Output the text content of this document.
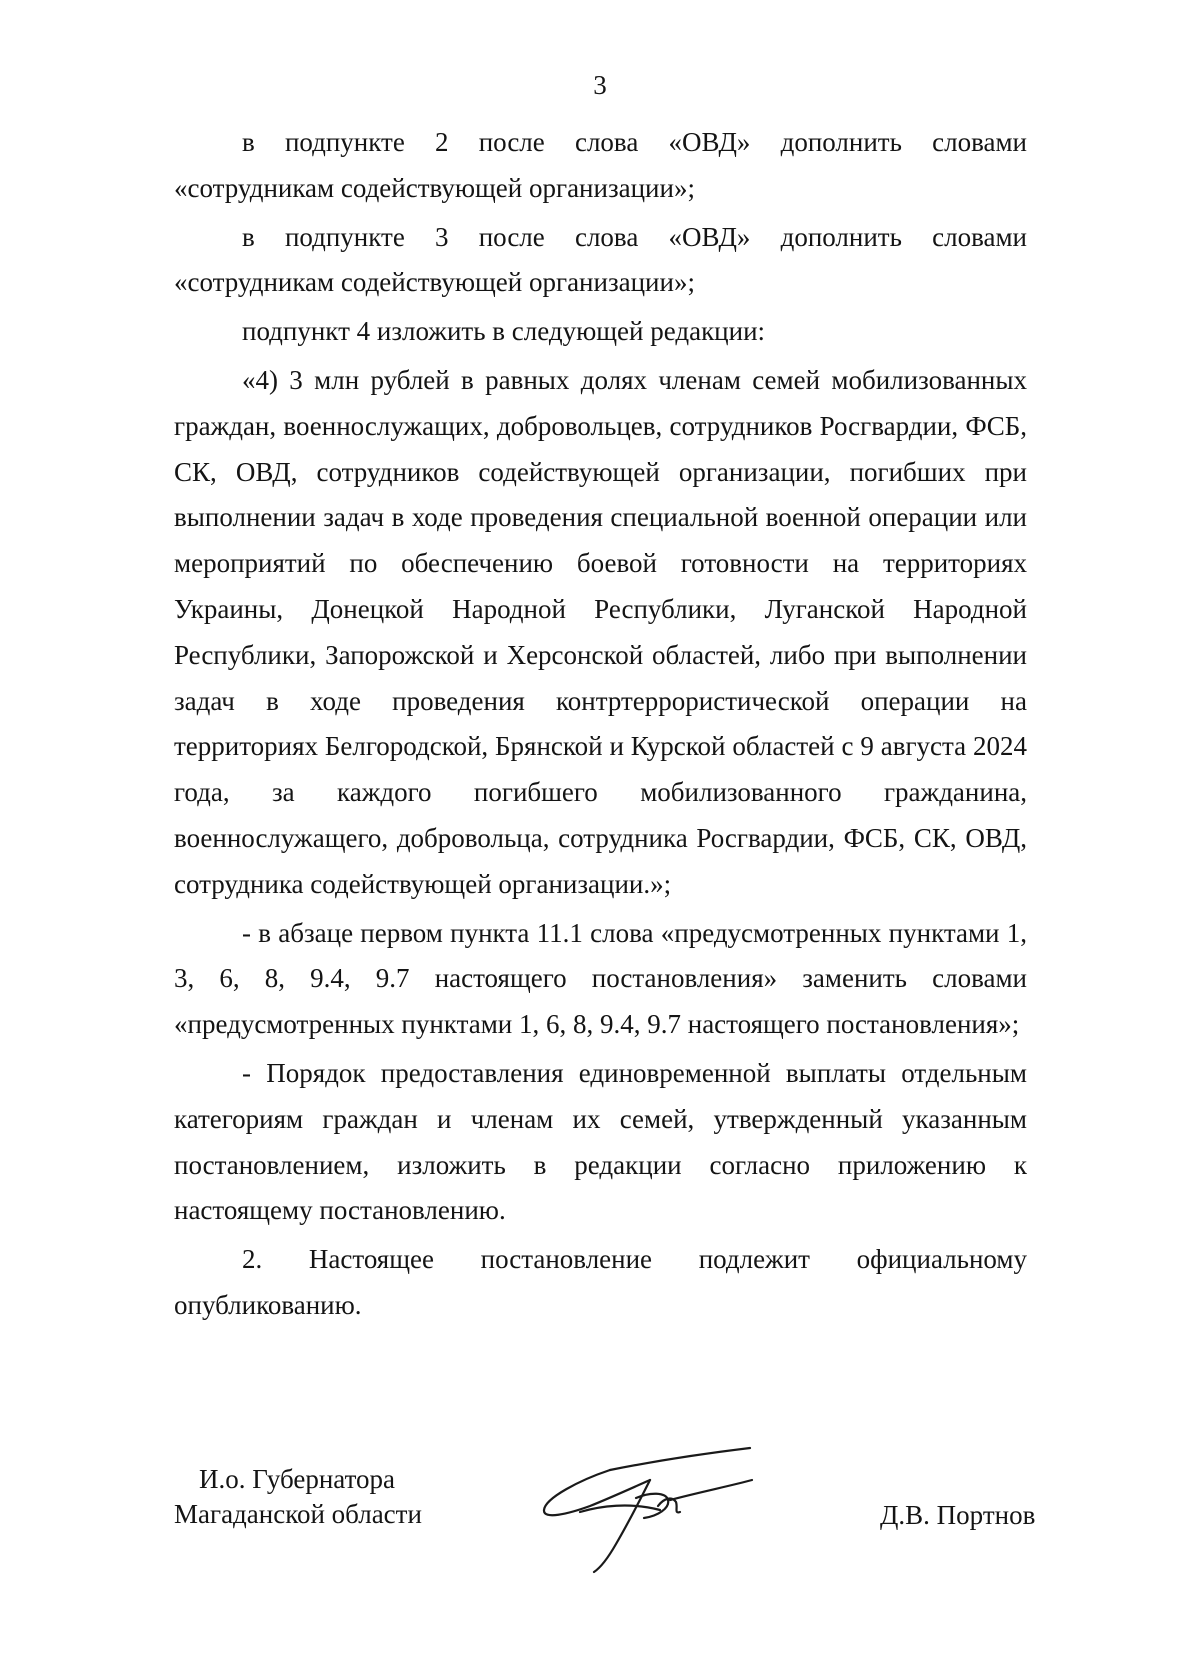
3

в подпункте 2 после слова «ОВД» дополнить словами «сотрудникам содействующей организации»;

в подпункте 3 после слова «ОВД» дополнить словами «сотрудникам содействующей организации»;

подпункт 4 изложить в следующей редакции:

«4) 3 млн рублей в равных долях членам семей мобилизованных граждан, военнослужащих, добровольцев, сотрудников Росгвардии, ФСБ, СК, ОВД, сотрудников содействующей организации, погибших при выполнении задач в ходе проведения специальной военной операции или мероприятий по обеспечению боевой готовности на территориях Украины, Донецкой Народной Республики, Луганской Народной Республики, Запорожской и Херсонской областей, либо при выполнении задач в ходе проведения контртеррористической операции на территориях Белгородской, Брянской и Курской областей с 9 августа 2024 года, за каждого погибшего мобилизованного гражданина, военнослужащего, добровольца, сотрудника Росгвардии, ФСБ, СК, ОВД, сотрудника содействующей организации.»;

- в абзаце первом пункта 11.1 слова «предусмотренных пунктами 1, 3, 6, 8, 9.4, 9.7 настоящего постановления» заменить словами «предусмотренных пунктами 1, 6, 8, 9.4, 9.7 настоящего постановления»;

- Порядок предоставления единовременной выплаты отдельным категориям граждан и членам их семей, утвержденный указанным постановлением, изложить в редакции согласно приложению к настоящему постановлению.

2. Настоящее постановление подлежит официальному опубликованию.

И.о. Губернатора
Магаданской области	Д.В. Портнов
